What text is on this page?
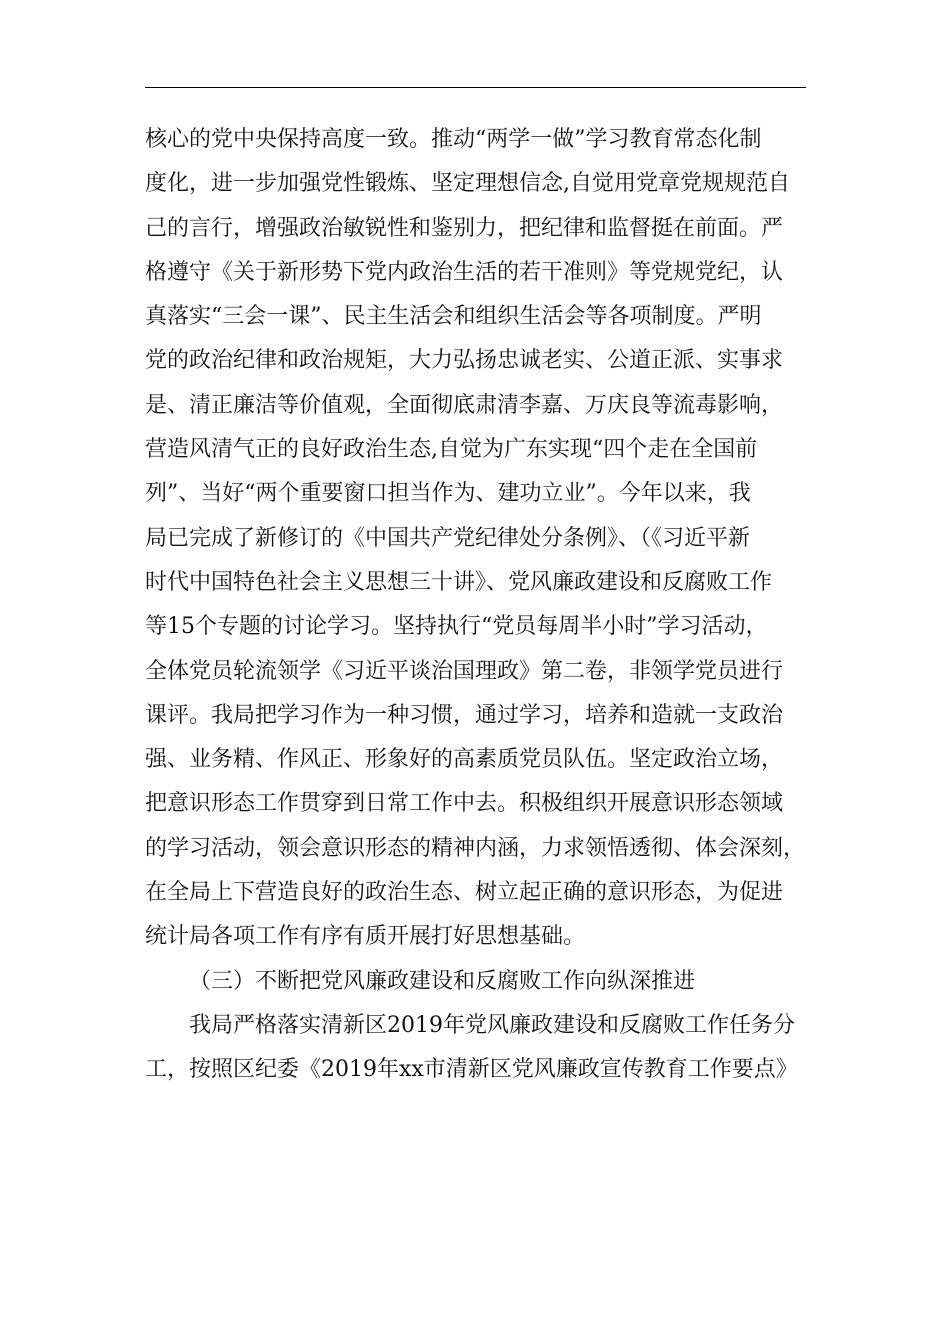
核心的党中央保持高度一致。推动“两学一做”学习教育常态化制
度化，进一步加强党性锻炼、坚定理想信念,自觉用党章党规规范自
己的言行，增强政治敏锐性和鉴别力，把纪律和监督挺在前面。严
格遵守《关于新形势下党内政治生活的若干准则》等党规党纪，认
真落实“三会一课”、民主生活会和组织生活会等各项制度。严明
党的政治纪律和政治规矩，大力弘扬忠诚老实、公道正派、实事求
是、清正廉洁等价值观，全面彻底肃清李嘉、万庆良等流毒影响，
营造风清气正的良好政治生态,自觉为广东实现“四个走在全国前
列”、当好“两个重要窗口担当作为、建功立业”。今年以来，我
局已完成了新修订的《中国共产党纪律处分条例》、（《习近平新
时代中国特色社会主义思想三十讲》、党风廉政建设和反腐败工作
等15个专题的讨论学习。坚持执行“党员每周半小时”学习活动，
全体党员轮流领学《习近平谈治国理政》第二卷，非领学党员进行
课评。我局把学习作为一种习惯，通过学习，培养和造就一支政治
强、业务精、作风正、形象好的高素质党员队伍。坚定政治立场，
把意识形态工作贯穿到日常工作中去。积极组织开展意识形态领域
的学习活动，领会意识形态的精神内涵，力求领悟透彻、体会深刻，
在全局上下营造良好的政治生态、树立起正确的意识形态，为促进
统计局各项工作有序有质开展打好思想基础。
（三）不断把党风廉政建设和反腐败工作向纵深推进
我局严格落实清新区2019年党风廉政建设和反腐败工作任务分
工，按照区纪委《2019年xx市清新区党风廉政宣传教育工作要点》
